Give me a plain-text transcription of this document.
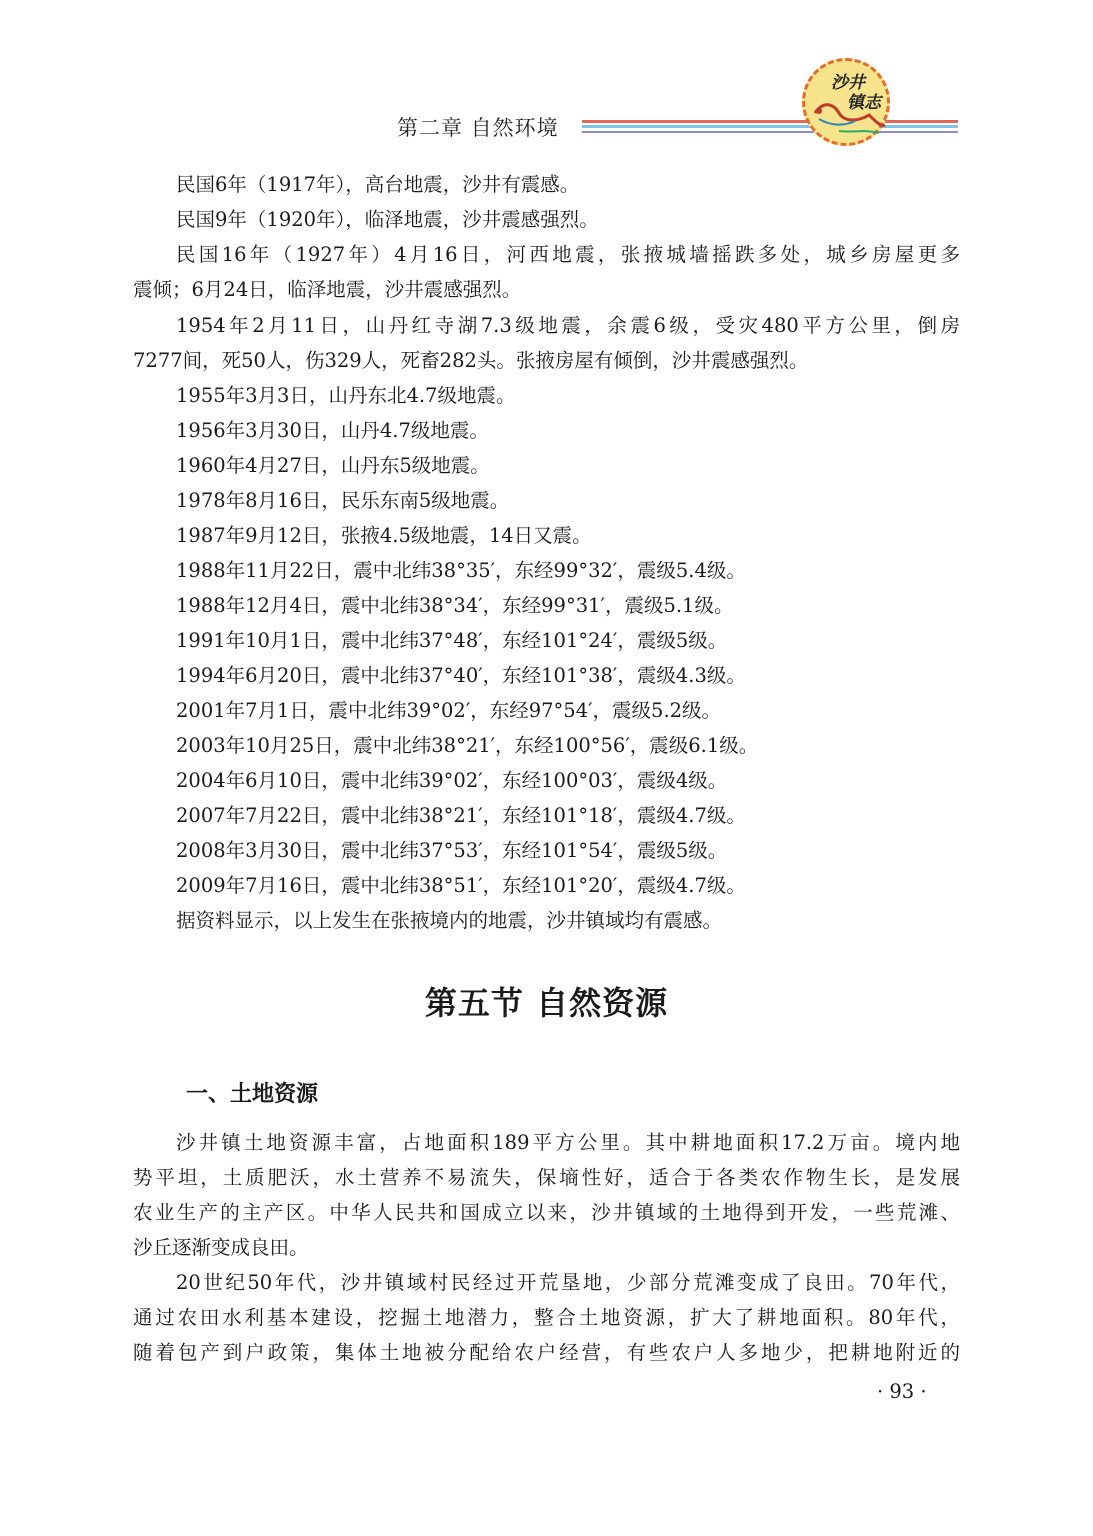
第二章 自然环境
沙井
镇志
民国6年（1917年），高台地震，沙井有震感。
民国9年（1920年），临泽地震，沙井震感强烈。
民国16年（1927年）4月16日，河西地震，张掖城墙摇跌多处，城乡房屋更多
震倾；6月24日，临泽地震，沙井震感强烈。
1954年2月11日，山丹红寺湖7.3级地震，余震6级，受灾480平方公里，倒房
7277间，死50人，伤329人，死畜282头。张掖房屋有倾倒，沙井震感强烈。
1955年3月3日，山丹东北4.7级地震。
1956年3月30日，山丹4.7级地震。
1960年4月27日，山丹东5级地震。
1978年8月16日，民乐东南5级地震。
1987年9月12日，张掖4.5级地震，14日又震。
1988年11月22日，震中北纬38°35′，东经99°32′，震级5.4级。
1988年12月4日，震中北纬38°34′，东经99°31′，震级5.1级。
1991年10月1日，震中北纬37°48′，东经101°24′，震级5级。
1994年6月20日，震中北纬37°40′，东经101°38′，震级4.3级。
2001年7月1日，震中北纬39°02′，东经97°54′，震级5.2级。
2003年10月25日，震中北纬38°21′，东经100°56′，震级6.1级。
2004年6月10日，震中北纬39°02′，东经100°03′，震级4级。
2007年7月22日，震中北纬38°21′，东经101°18′，震级4.7级。
2008年3月30日，震中北纬37°53′，东经101°54′，震级5级。
2009年7月16日，震中北纬38°51′，东经101°20′，震级4.7级。
据资料显示，以上发生在张掖境内的地震，沙井镇域均有震感。
第五节 自然资源
一、土地资源
沙井镇土地资源丰富，占地面积189平方公里。其中耕地面积17.2万亩。境内地
势平坦，土质肥沃，水土营养不易流失，保墒性好，适合于各类农作物生长，是发展
农业生产的主产区。中华人民共和国成立以来，沙井镇域的土地得到开发，一些荒滩、
沙丘逐渐变成良田。
20世纪50年代，沙井镇域村民经过开荒垦地，少部分荒滩变成了良田。70年代，
通过农田水利基本建设，挖掘土地潜力，整合土地资源，扩大了耕地面积。80年代，
随着包产到户政策，集体土地被分配给农户经营，有些农户人多地少，把耕地附近的
· 93 ·
